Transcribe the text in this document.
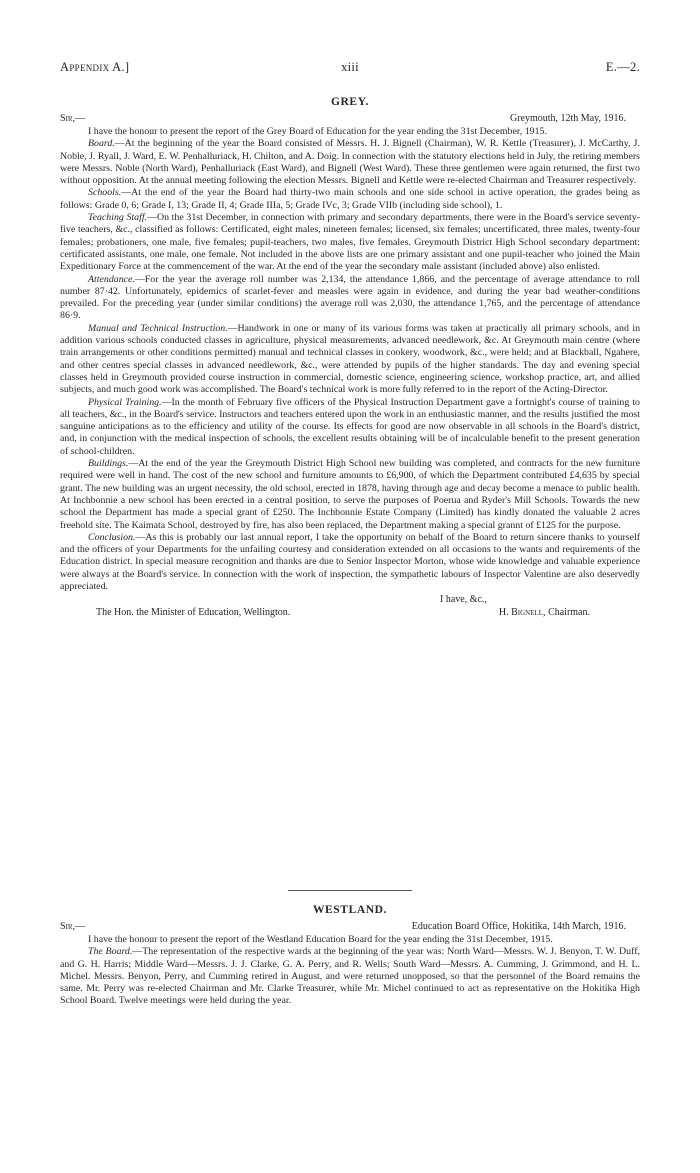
Appendix A.]	xiii	E.—2.
GREY.
Sir,—	Greymouth, 12th May, 1916.

I have the honour to present the report of the Grey Board of Education for the year ending the 31st December, 1915.

Board.—At the beginning of the year the Board consisted of Messrs. H. J. Bignell (Chairman), W. R. Kettle (Treasurer), J. McCarthy, J. Noble, J. Ryall, J. Ward, E. W. Penhalluriack, H. Chilton, and A. Doig. In connection with the statutory elections held in July, the retiring members were Messrs. Noble (North Ward), Penhalluriack (East Ward), and Bignell (West Ward). These three gentlemen were again returned, the first two without opposition. At the annual meeting following the election Messrs. Bignell and Kettle were re-elected Chairman and Treasurer respectively.

Schools.—At the end of the year the Board had thirty-two main schools and one side school in active operation, the grades being as follows: Grade 0, 6; Grade I, 13; Grade II, 4; Grade IIIa, 5; Grade IVc, 3; Grade VIIb (including side school), 1.

Teaching Staff.—On the 31st December, in connection with primary and secondary departments, there were in the Board's service seventy-five teachers, &c., classified as follows: Certificated, eight males, nineteen females; licensed, six females; uncertificated, three males, twenty-four females; probationers, one male, five females; pupil-teachers, two males, five females. Greymouth District High School secondary department: certificated assistants, one male, one female. Not included in the above lists are one primary assistant and one pupil-teacher who joined the Main Expeditionary Force at the commencement of the war. At the end of the year the secondary male assistant (included above) also enlisted.

Attendance.—For the year the average roll number was 2,134, the attendance 1,866, and the percentage of average attendance to roll number 87·42. Unfortunately, epidemics of scarlet-fever and measles were again in evidence, and during the year bad weather-conditions prevailed. For the preceding year (under similar conditions) the average roll was 2,030, the attendance 1,765, and the percentage of attendance 86·9.

Manual and Technical Instruction.—Handwork in one or many of its various forms was taken at practically all primary schools, and in addition various schools conducted classes in agriculture, physical measurements, advanced needlework, &c. At Greymouth main centre (where train arrangements or other conditions permitted) manual and technical classes in cookery, woodwork, &c., were held; and at Blackball, Ngahere, and other centres special classes in advanced needlework, &c., were attended by pupils of the higher standards. The day and evening special classes held in Greymouth provided course instruction in commercial, domestic science, engineering science, workshop practice, art, and allied subjects, and much good work was accomplished. The Board's technical work is more fully referred to in the report of the Acting-Director.

Physical Training.—In the month of February five officers of the Physical Instruction Department gave a fortnight's course of training to all teachers, &c., in the Board's service. Instructors and teachers entered upon the work in an enthusiastic manner, and the results justified the most sanguine anticipations as to the efficiency and utility of the course. Its effects for good are now observable in all schools in the Board's district, and, in conjunction with the medical inspection of schools, the excellent results obtaining will be of incalculable benefit to the present generation of school-children.

Buildings.—At the end of the year the Greymouth District High School new building was completed, and contracts for the new furniture required were well in hand. The cost of the new school and furniture amounts to £6,900, of which the Department contributed £4,635 by special grant. The new building was an urgent necessity, the old school, erected in 1878, having through age and decay become a menace to public health. At Inchbonnie a new school has been erected in a central position, to serve the purposes of Poerua and Ryder's Mill Schools. Towards the new school the Department has made a special grant of £250. The Inchbonnie Estate Company (Limited) has kindly donated the valuable 2 acres freehold site. The Kaimata School, destroyed by fire, has also been replaced, the Department making a special grannt of £125 for the purpose.

Conclusion.—As this is probably our last annual report, I take the opportunity on behalf of the Board to return sincere thanks to yourself and the officers of your Departments for the unfailing courtesy and consideration extended on all occasions to the wants and requirements of the Education district. In special measure recognition and thanks are due to Senior Inspector Morton, whose wide knowledge and valuable experience were always at the Board's service. In connection with the work of inspection, the sympathetic labours of Inspector Valentine are also deservedly appreciated.

I have, &c.,
The Hon. the Minister of Education, Wellington.	H. Bignell, Chairman.
WESTLAND.
Sir,—	Education Board Office, Hokitika, 14th March, 1916.

I have the honour to present the report of the Westland Education Board for the year ending the 31st December, 1915.

The Board.—The representation of the respective wards at the beginning of the year was: North Ward—Messrs. W. J. Benyon, T. W. Duff, and G. H. Harris; Middle Ward—Messrs. J. J. Clarke, G. A. Perry, and R. Wells; South Ward—Messrs. A. Cumming, J. Grimmond, and H. L. Michel. Messrs. Benyon, Perry, and Cumming retired in August, and were returned unopposed, so that the personnel of the Board remains the same. Mr. Perry was re-elected Chairman and Mr. Clarke Treasurer, while Mr. Michel continued to act as representative on the Hokitika High School Board. Twelve meetings were held during the year.
